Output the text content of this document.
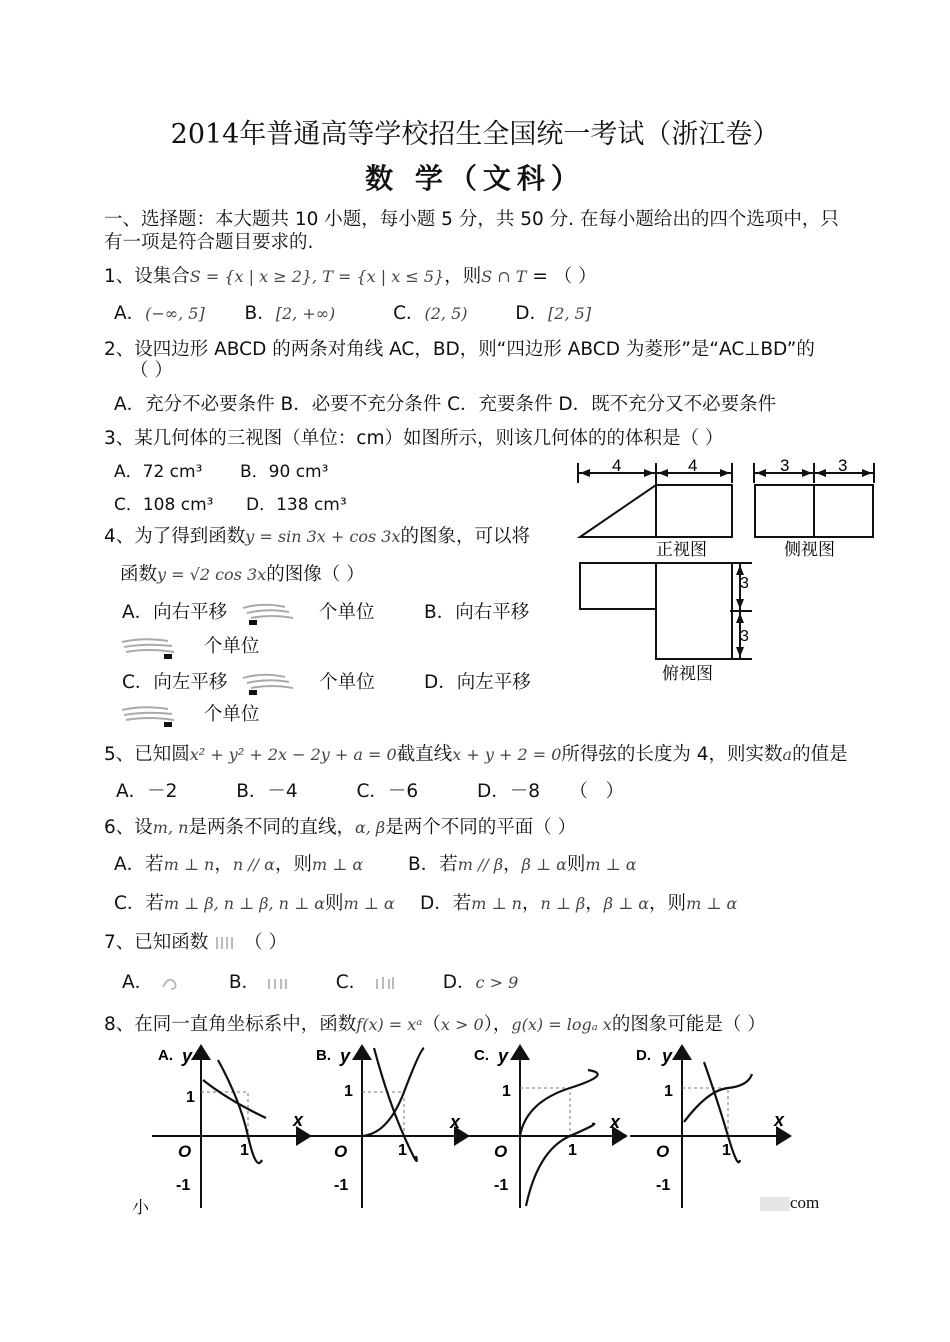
2014年普通高等学校招生全国统一考试（浙江卷）
数 学（文科）
一、选择题：本大题共 10 小题，每小题 5 分，共 50 分. 在每小题给出的四个选项中，只
有一项是符合题目要求的.
1、设集合S = {x | x ≥ 2}, T = {x | x ≤ 5}，则S ∩ T = （ ）
A．(−∞, 5] B．[2, +∞)	C．(2, 5)	D．[2, 5]
2、设四边形 ABCD 的两条对角线 AC，BD，则“四边形 ABCD 为菱形”是“AC⊥BD”的
（ ）
A．充分不必要条件 B．必要不充分条件 C．充要条件 D．既不充分又不必要条件
3、某几何体的三视图（单位：cm）如图所示，则该几何体的的体积是（ ）
A．72 cm³ B．90 cm³
C．108 cm³ D．138 cm³
4	4	3	3
正视图	侧视图
3
3
俯视图
4、为了得到函数y = sin 3x + cos 3x的图象，可以将
函数y = √2 cos 3x的图像（ ）
A．向右平移	个单位	B．向右平移
个单位
C．向左平移	个单位	D．向左平移
个单位
5、已知圆x² + y² + 2x − 2y + a = 0截直线x + y + 2 = 0所得弦的长度为 4，则实数a的值是
A．－2          B．－4          C．－6          D．－8     （   ）
6、设m, n是两条不同的直线，α, β是两个不同的平面（ ）
A．若m ⊥ n，n // α，则m ⊥ α B．若m // β，β ⊥ α则m ⊥ α
C．若m ⊥ β, n ⊥ β, n ⊥ α则m ⊥ α D．若m ⊥ n，n ⊥ β，β ⊥ α，则m ⊥ α
7、已知函数 （ ）
A．	B．	C．	D．c > 9
8、在同一直角坐标系中，函数f(x) = xᵃ（x > 0），g(x) = logₐ x的图象可能是（ ）
A. y
x
O
1
1
-1
B. y
x
O
1
1
-1
C. y
x
O
1
1
-1
D. y
x
O
1
1
-1
小	com
